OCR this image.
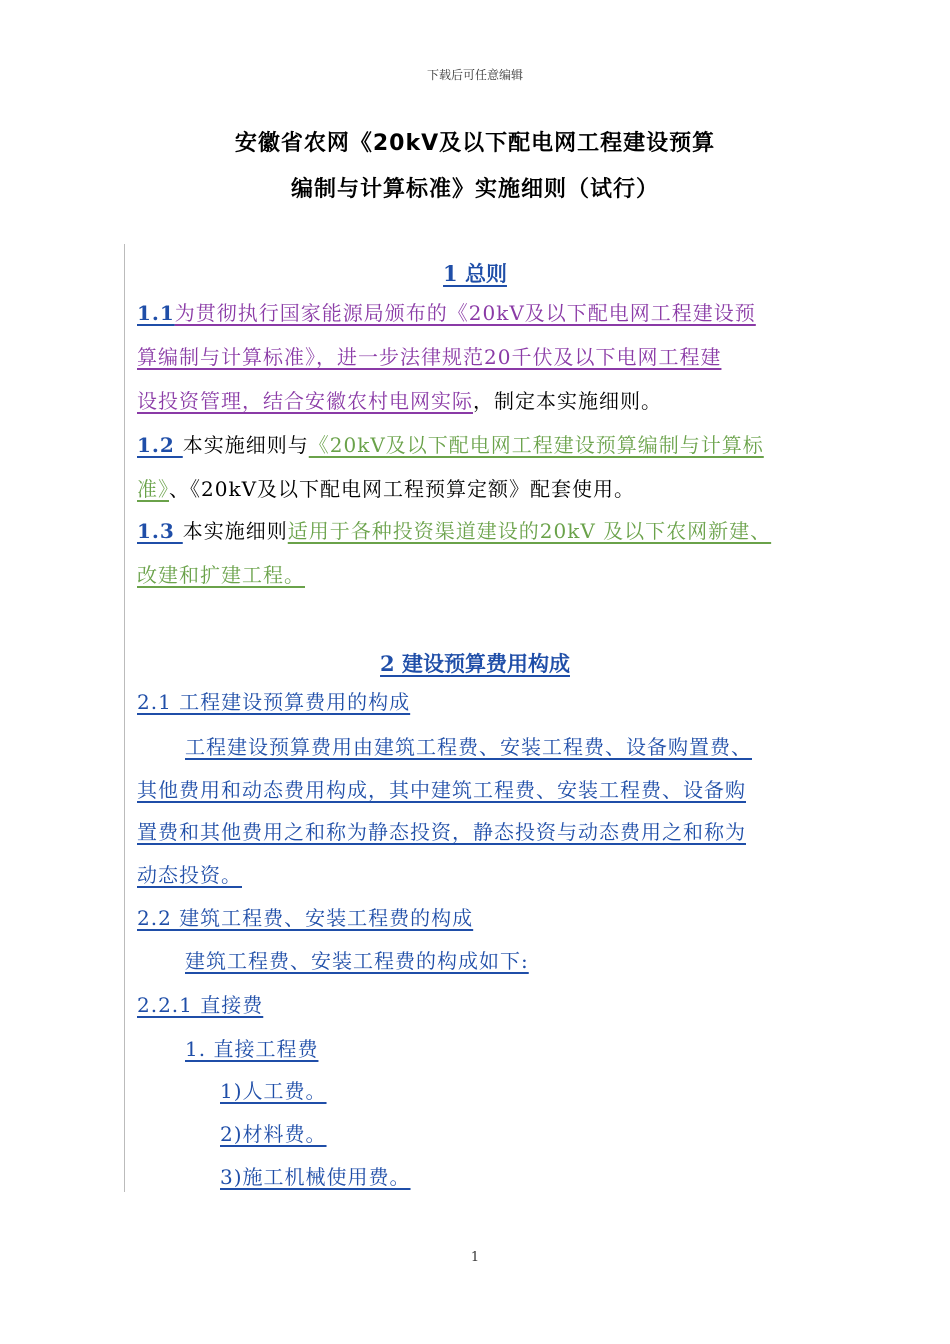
下载后可任意编辑
安徽省农网《20kV及以下配电网工程建设预算
编制与计算标准》实施细则（试行）
1 总则
1.1为贯彻执行国家能源局颁布的《20kV及以下配电网工程建设预
算编制与计算标准》，进一步法律规范20千伏及以下电网工程建
设投资管理，结合安徽农村电网实际，制定本实施细则。
1.2 本实施细则与《20kV及以下配电网工程建设预算编制与计算标
准》、《20kV及以下配电网工程预算定额》配套使用。
1.3 本实施细则适用于各种投资渠道建设的20kV 及以下农网新建、
改建和扩建工程。
2 建设预算费用构成
2.1 工程建设预算费用的构成
工程建设预算费用由建筑工程费、安装工程费、设备购置费、
其他费用和动态费用构成，其中建筑工程费、安装工程费、设备购
置费和其他费用之和称为静态投资，静态投资与动态费用之和称为
动态投资。
2.2 建筑工程费、安装工程费的构成
建筑工程费、安装工程费的构成如下:
2.2.1 直接费
1. 直接工程费
1)人工费。
2)材料费。
3)施工机械使用费。
1
